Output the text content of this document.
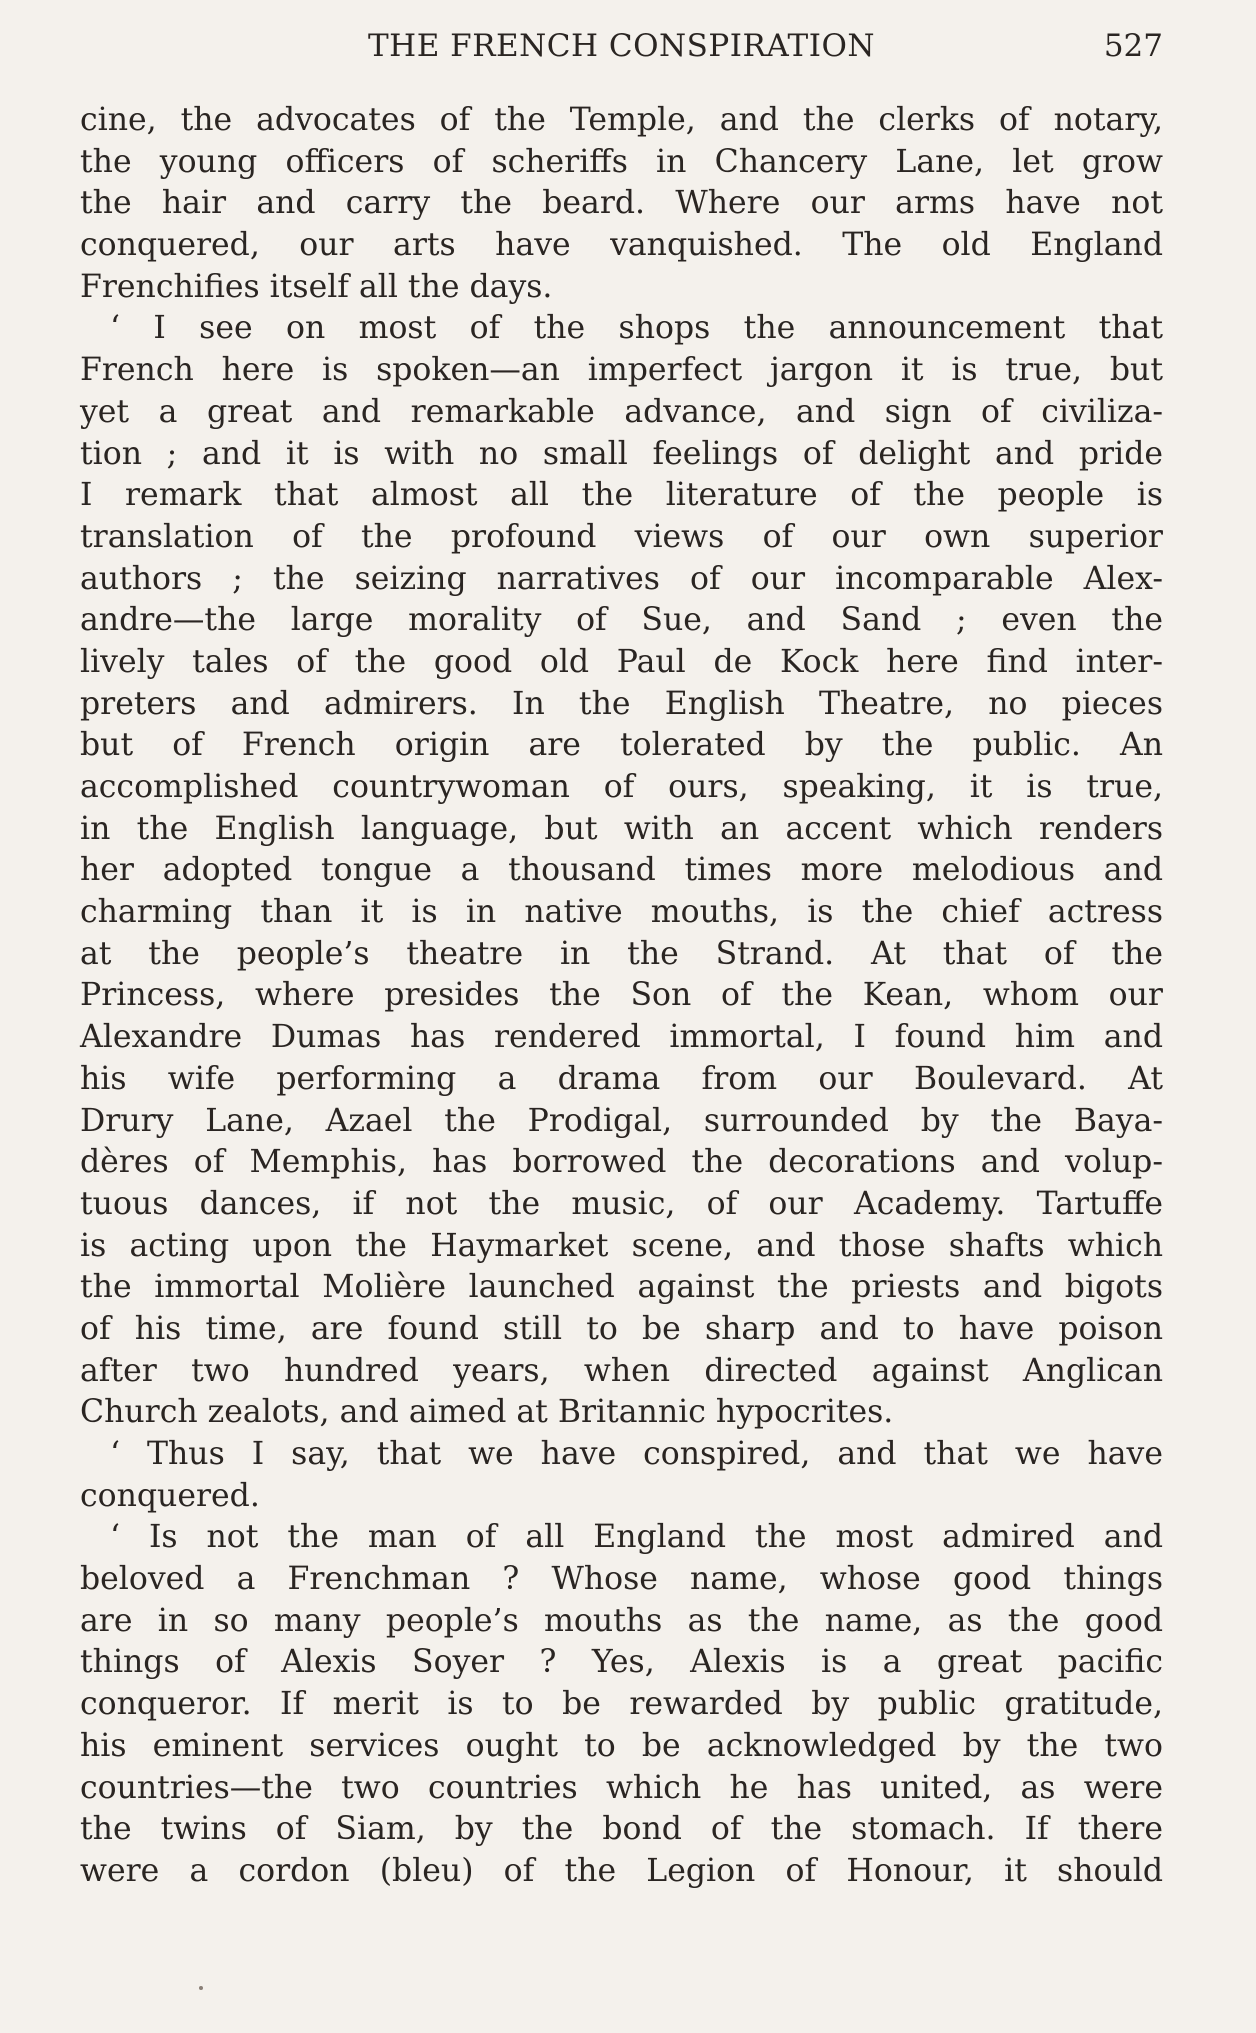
THE FRENCH CONSPIRATION	527
cine, the advocates of the Temple, and the clerks of notary,
the young officers of scheriffs in Chancery Lane, let grow
the hair and carry the beard. Where our arms have not
conquered, our arts have vanquished. The old England
Frenchifies itself all the days.
‘ I see on most of the shops the announcement that
French here is spoken—an imperfect jargon it is true, but
yet a great and remarkable advance, and sign of civiliza-
tion ; and it is with no small feelings of delight and pride
I remark that almost all the literature of the people is
translation of the profound views of our own superior
authors ; the seizing narratives of our incomparable Alex-
andre—the large morality of Sue, and Sand ; even the
lively tales of the good old Paul de Kock here find inter-
preters and admirers. In the English Theatre, no pieces
but of French origin are tolerated by the public. An
accomplished countrywoman of ours, speaking, it is true,
in the English language, but with an accent which renders
her adopted tongue a thousand times more melodious and
charming than it is in native mouths, is the chief actress
at the people’s theatre in the Strand. At that of the
Princess, where presides the Son of the Kean, whom our
Alexandre Dumas has rendered immortal, I found him and
his wife performing a drama from our Boulevard. At
Drury Lane, Azael the Prodigal, surrounded by the Baya-
dères of Memphis, has borrowed the decorations and volup-
tuous dances, if not the music, of our Academy. Tartuffe
is acting upon the Haymarket scene, and those shafts which
the immortal Molière launched against the priests and bigots
of his time, are found still to be sharp and to have poison
after two hundred years, when directed against Anglican
Church zealots, and aimed at Britannic hypocrites.
‘ Thus I say, that we have conspired, and that we have
conquered.
‘ Is not the man of all England the most admired and
beloved a Frenchman ? Whose name, whose good things
are in so many people’s mouths as the name, as the good
things of Alexis Soyer ? Yes, Alexis is a great pacific
conqueror. If merit is to be rewarded by public gratitude,
his eminent services ought to be acknowledged by the two
countries—the two countries which he has united, as were
the twins of Siam, by the bond of the stomach. If there
were a cordon (bleu) of the Legion of Honour, it should
